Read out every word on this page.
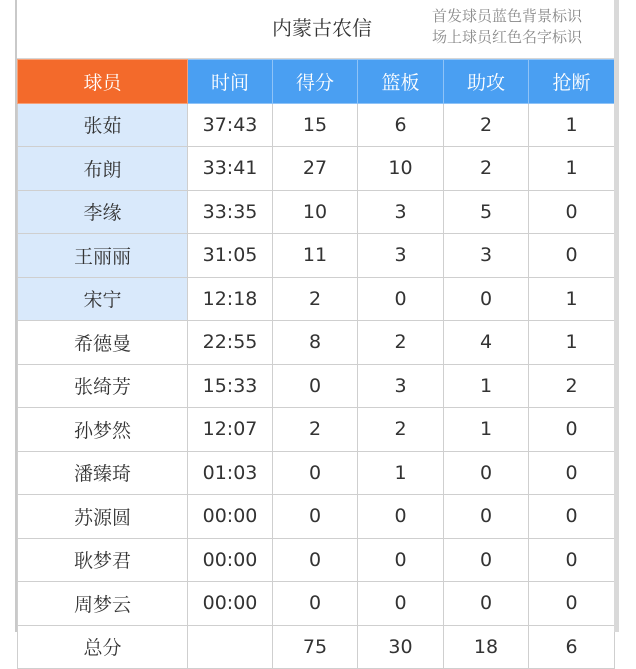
内蒙古农信	首发球员蓝色背景标识
场上球员红色名字标识
球员	时间	得分	篮板	助攻	抢断
张茹	37:43	15	6	2	1
布朗	33:41	27	10	2	1
李缘	33:35	10	3	5	0
王丽丽	31:05	11	3	3	0
宋宁	12:18	2	0	0	1
希德曼	22:55	8	2	4	1
张绮芳	15:33	0	3	1	2
孙梦然	12:07	2	2	1	0
潘臻琦	01:03	0	1	0	0
苏源圆	00:00	0	0	0	0
耿梦君	00:00	0	0	0	0
周梦云	00:00	0	0	0	0
总分		75	30	18	6
